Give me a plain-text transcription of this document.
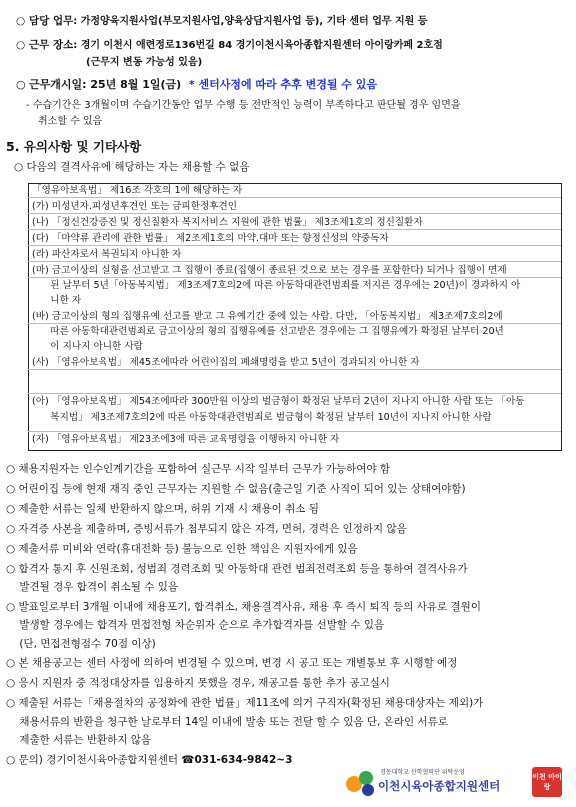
○ 담당 업무: 가정양육지원사업(부모지원사업,양육상담지원사업 등), 기타 센터 업무 지원 등
○ 근무 장소: 경기 이천시 애련정로136번길 84 경기이천시육아종합지원센터 아이랑카페 2호점
(근무지 변동 가능성 있음)
○ 근무개시일: 25년 8월 1일(금) * 센터사정에 따라 추후 변경될 수 있음
- 수습기간은 3개월이며 수습기간동안 업무 수행 등 전반적인 능력이 부족하다고 판단될 경우 임면을
취소할 수 있음
5. 유의사항 및 기타사항
○ 다음의 결격사유에 해당하는 자는 채용할 수 없음
「영유아보육법」 제16조 각호의 1에 해당하는 자
(가) 미성년자.피성년후견인 또는 금피한정후견인
(나) 「정신건강증진 및 정신질환자 복지서비스 지원에 관한 법률」 제3조제1호의 정신질환자
(다) 「마약류 관리에 관한 법률」 제2조제1호의 마약.대마 또는 향정신성의 약중독자
(라) 파산자로서 복권되지 아니한 자
(마) 금고이상의 실형을 선고받고 그 집행이 종료(집행이 종료된 것으로 보는 경우를 포함한다) 되거나 집행이 면제
된 날부터 5년「아동복지법」 제3조제7호의2에 따른 아동학대관련범죄를 저지른 경우에는 20년)이 경과하지 아
니한 자
(바) 금고이상의 형의 집행유예 선고를 받고 그 유예기간 중에 있는 사람. 다만, 「아동복지법」 제3조제7호의2에
따른 아동학대관련범죄로 금고이상의 형의 집행유예를 선고받은 경우에는 그 집행유예가 확정된 날부터 20년
이 지나지 아니한 사람
(사) 「영유아보육법」 제45조에따라 어린이집의 폐쇄명령을 받고 5년이 경과되지 아니한 자
(아) 「영유아보육법」 제54조에따라 300만원 이상의 벌금형이 확정된 날부터 2년이 지나지 아니한 사람 또는 「아동
복지법」 제3조제7호의2에 따른 아동학대관련범죄로 벌금형이 확정된 날부터 10년이 지나지 아니한 사람
(자) 「영유아보육법」 제23조에3에 따른 교육명령을 이행하지 아니한 자
○ 채용지원자는 인수인계기간을 포함하여 실근무 시작 일부터 근무가 가능하여야 함
○ 어린이집 등에 현재 재직 중인 근무자는 지원할 수 없음(출근일 기준 사직이 되어 있는 상태여야함)
○ 제출한 서류는 일체 반환하지 않으며, 허위 기재 시 채용이 취소 됨
○ 자격증 사본을 제출하며, 증빙서류가 첨부되지 않은 자격, 면허, 경력은 인정하지 않음
○ 제출서류 미비와 연락(휴대전화 등) 불능으로 인한 책임은 지원자에게 있음
○ 합격자 통지 후 신원조회, 성범죄 경력조회 및 아동학대 관련 범죄전력조회 등을 통하여 결격사유가
발견될 경우 합격이 취소될 수 있음
○ 발표일로부터 3개월 이내에 채용포기, 합격취소, 채용결격사유, 채용 후 즉시 퇴직 등의 사유로 결원이
발생할 경우에는 합격자 면접전형 차순위자 순으로 추가합격자를 선발할 수 있음
(단, 면접전형점수 70점 이상)
○ 본 채용공고는 센터 사정에 의하여 변경될 수 있으며, 변경 시 공고 또는 개별통보 후 시행할 예정
○ 응시 지원자 중 적정대상자를 임용하지 못했을 경우, 재공고를 통한 추가 공고실시
○ 제출된 서류는「채용절차의 공정화에 관한 법률」제11조에 의거 구직자(확정된 채용대상자는 제외)가
채용서류의 반환을 청구한 날로부터 14일 이내에 발송 또는 전달 할 수 있음 단, 온라인 서류로
제출한 서류는 반환하지 않음
○ 문의) 경기이천시육아종합지원센터 ☎031-634-9842~3
경동대학교 산학협력단 위탁운영
이천시육아종합지원센터
이천 아이랑
